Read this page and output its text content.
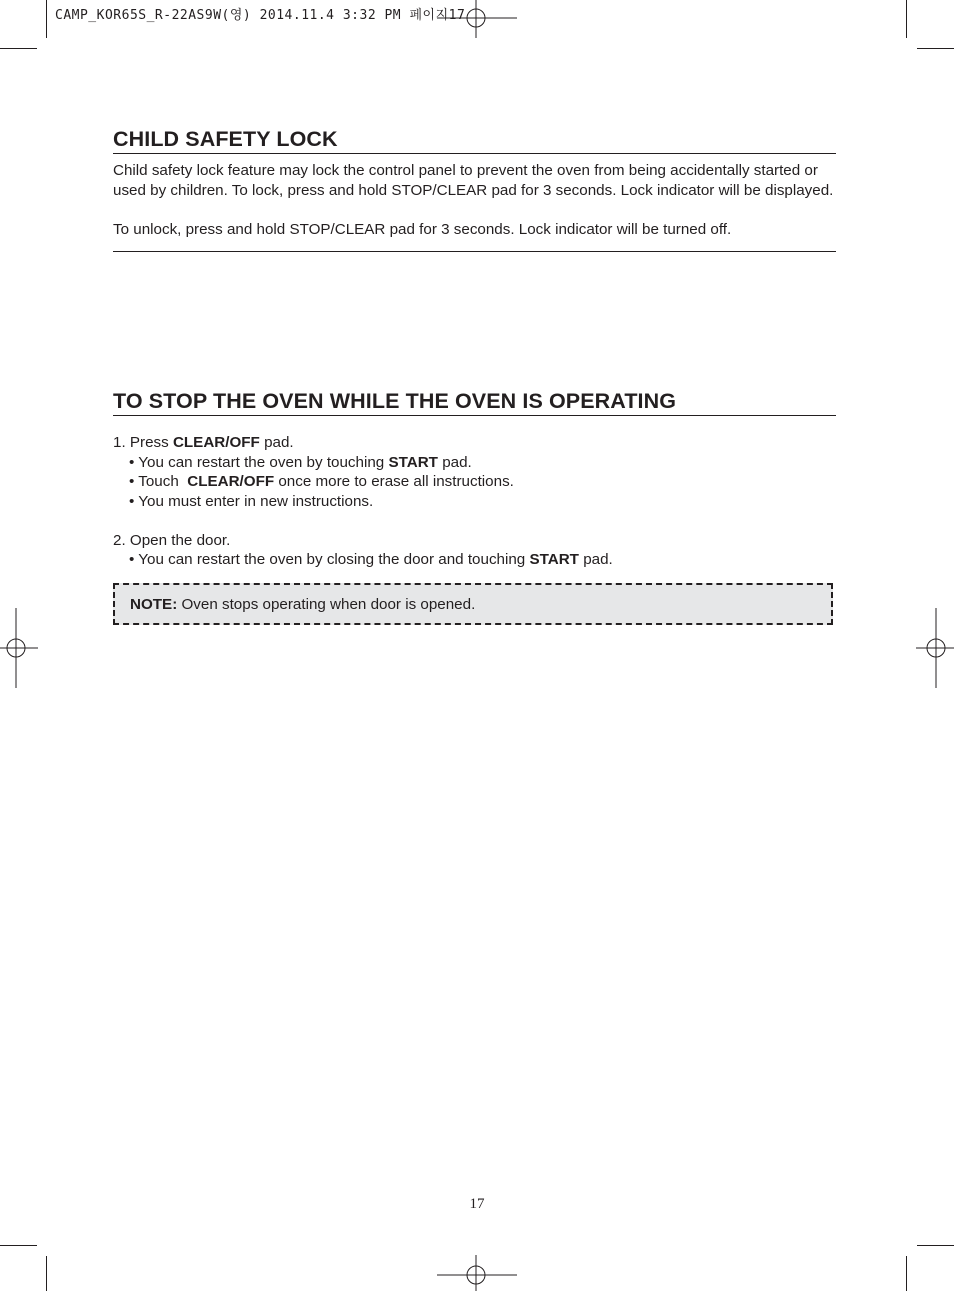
CAMP_KOR65S_R-22AS9W(영) 2014.11.4 3:32 PM 페이지17
CHILD SAFETY LOCK

Child safety lock feature may lock the control panel to prevent the oven from being accidentally started or used by children. To lock, press and hold STOP/CLEAR pad for 3 seconds. Lock indicator will be displayed.

To unlock, press and hold STOP/CLEAR pad for 3 seconds. Lock indicator will be turned off.

TO STOP THE OVEN WHILE THE OVEN IS OPERATING
1. Press CLEAR/OFF pad.
• You can restart the oven by touching START pad.
• Touch  CLEAR/OFF once more to erase all instructions.
• You must enter in new instructions.
2. Open the door.
• You can restart the oven by closing the door and touching START pad.
NOTE: Oven stops operating when door is opened.
17
